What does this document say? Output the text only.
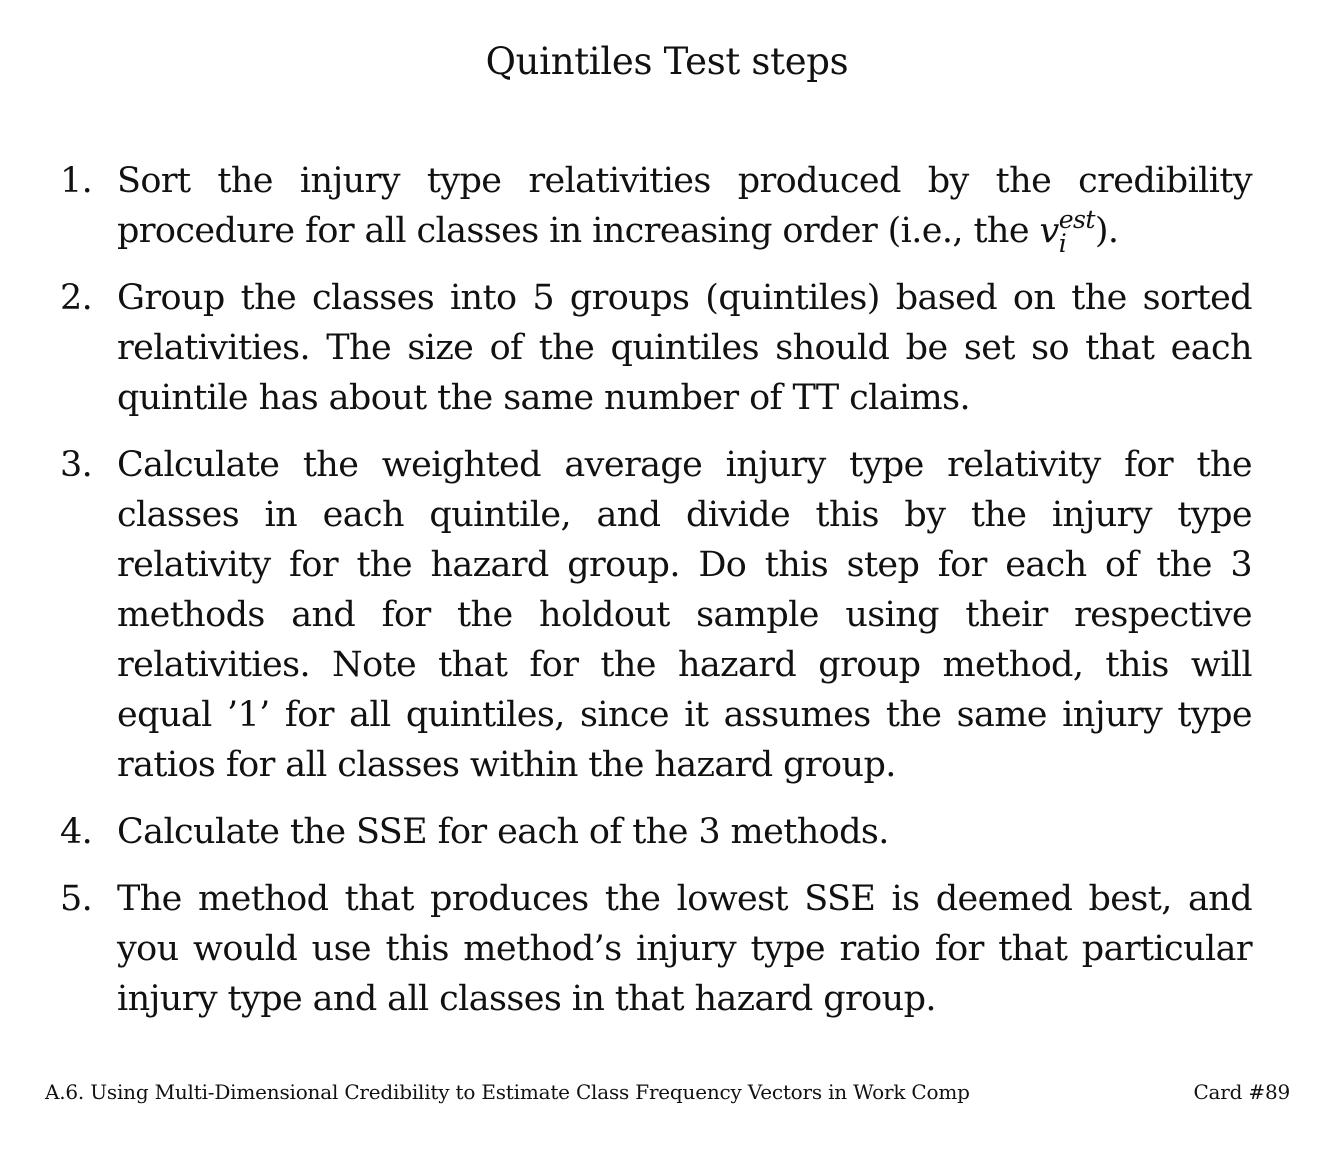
Quintiles Test steps
1. Sort the injury type relativities produced by the credibility procedure for all classes in increasing order (i.e., the v est
i ).
2. Group the classes into 5 groups (quintiles) based on the sorted relativities. The size of the quintiles should be set so that each quintile has about the same number of TT claims.
3. Calculate the weighted average injury type relativity for the classes in each quintile, and divide this by the injury type relativity for the hazard group. Do this step for each of the 3 methods and for the holdout sample using their respective relativities. Note that for the hazard group method, this will equal ’1’ for all quintiles, since it assumes the same injury type ratios for all classes within the hazard group.
4. Calculate the SSE for each of the 3 methods.
5. The method that produces the lowest SSE is deemed best, and you would use this method’s injury type ratio for that particular injury type and all classes in that hazard group.
A.6. Using Multi-Dimensional Credibility to Estimate Class Frequency Vectors in Work Comp	Card #89
